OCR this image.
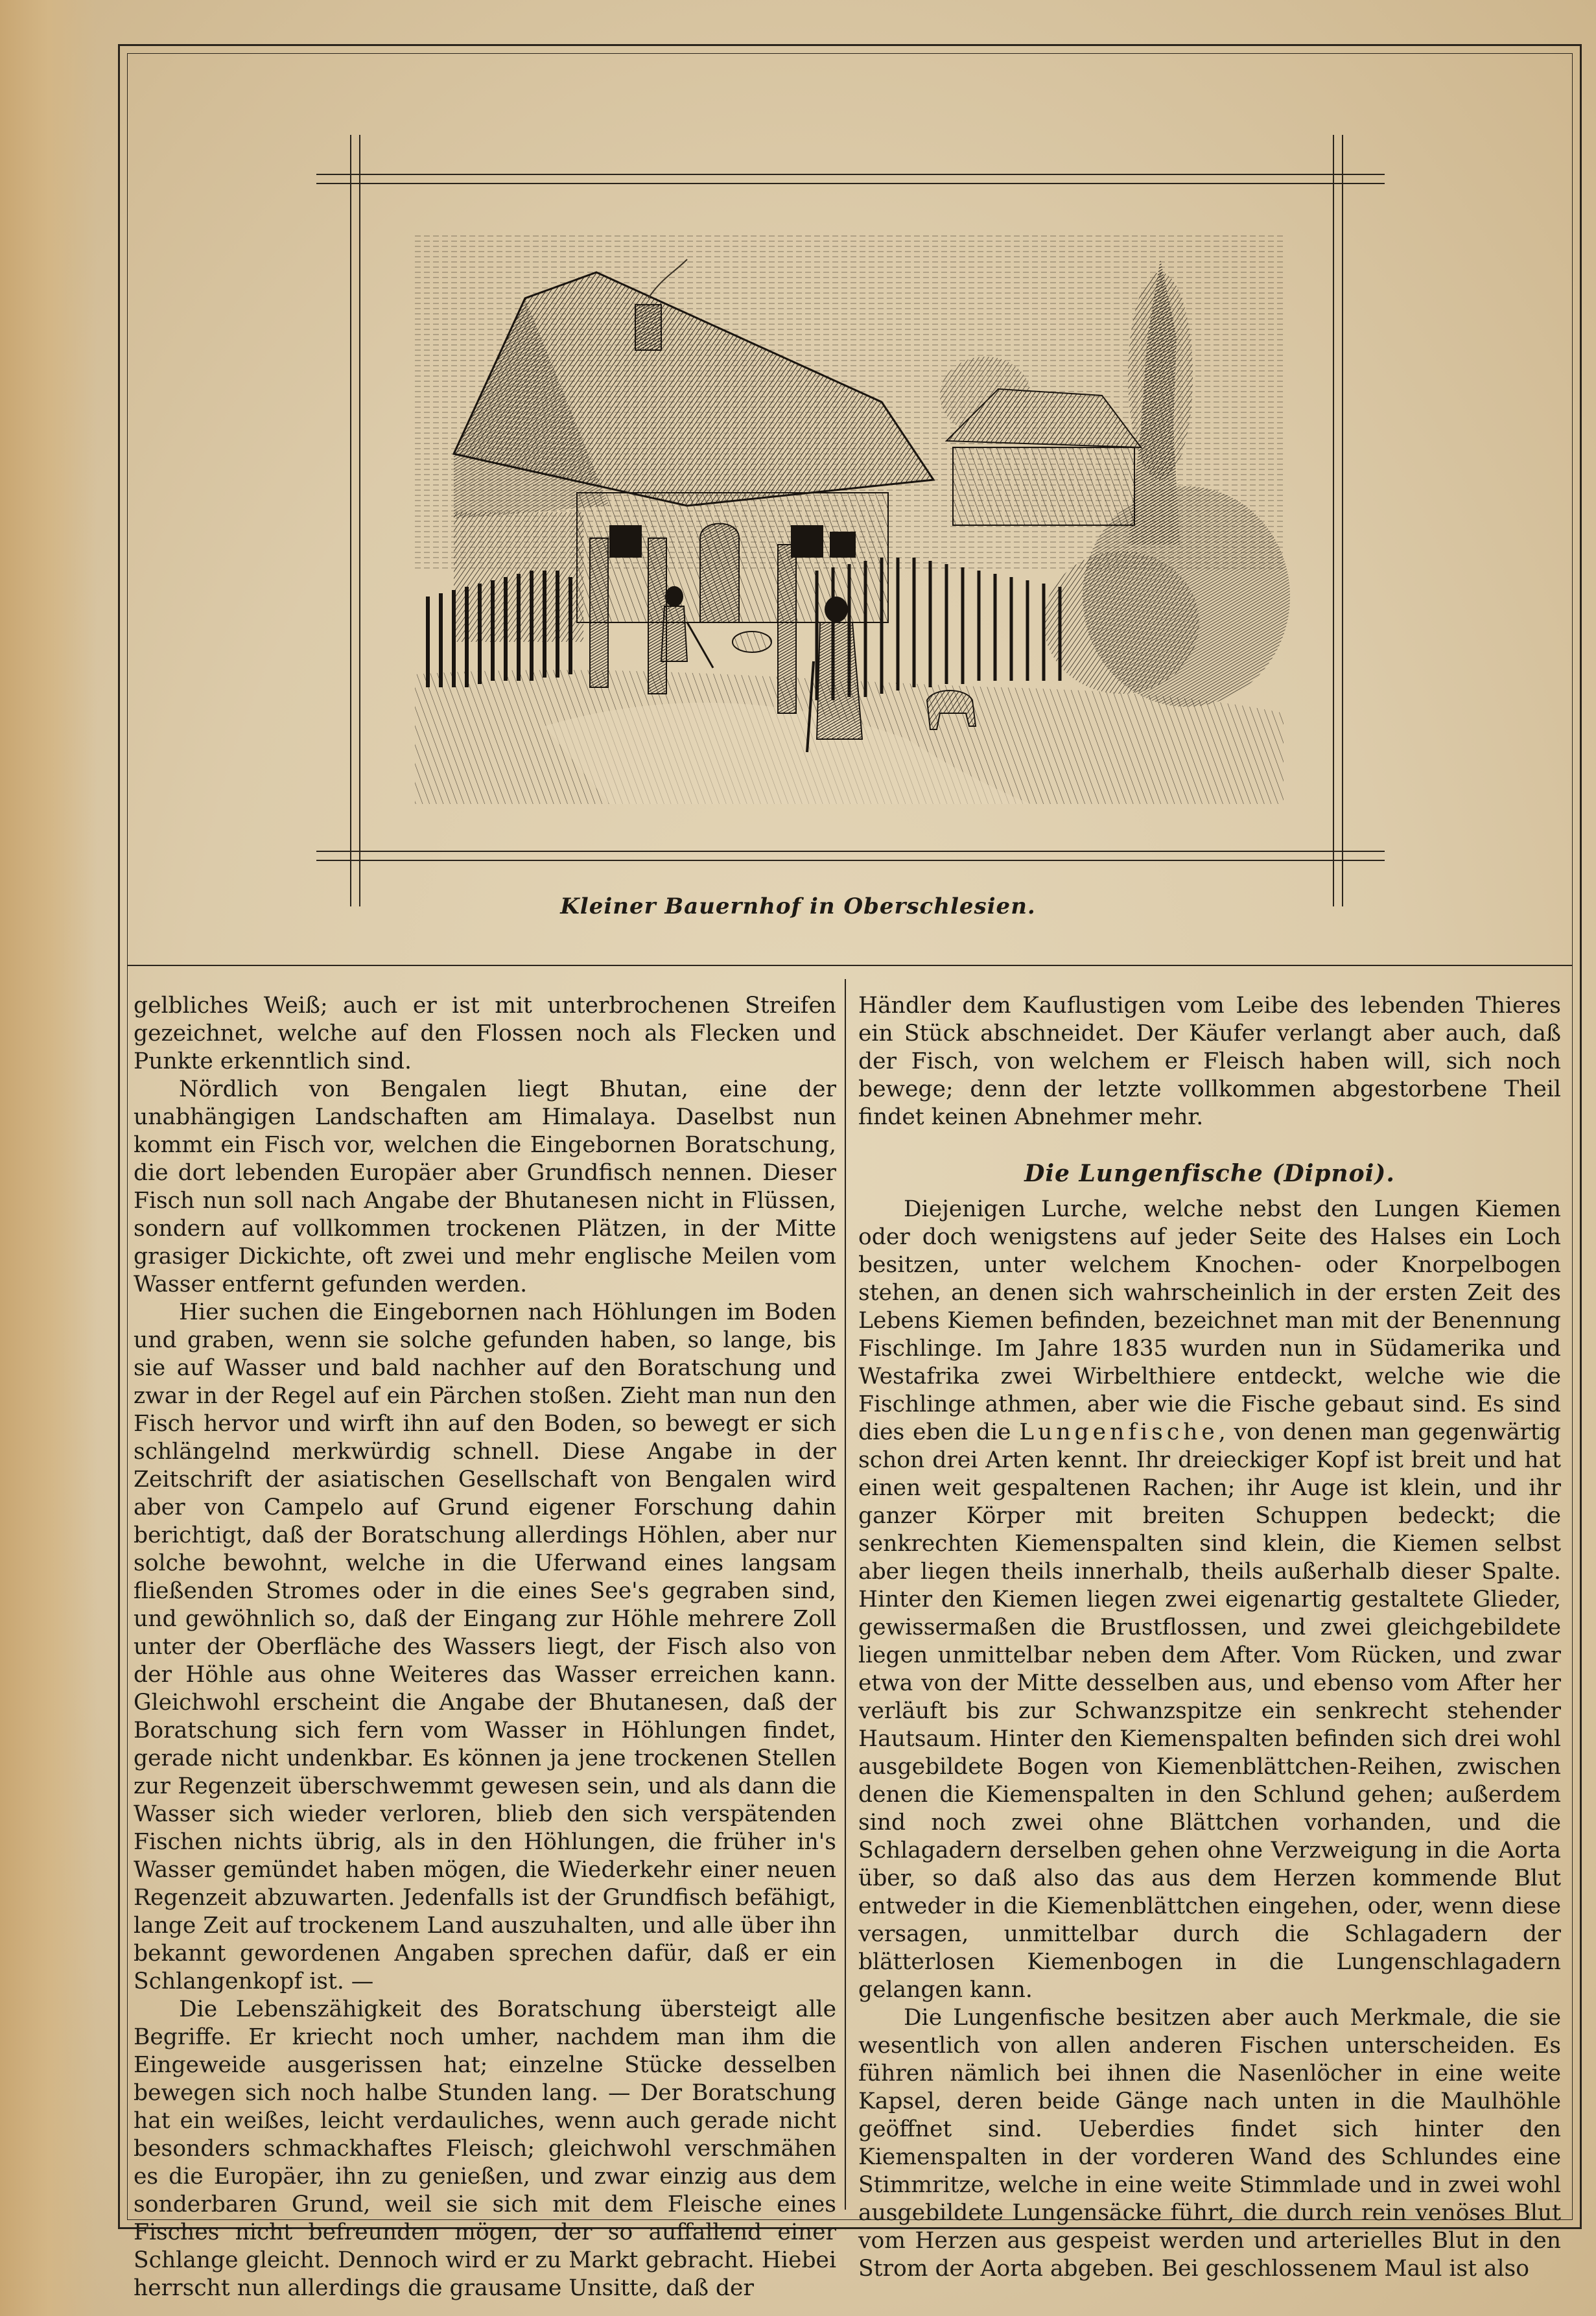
Kleiner Bauernhof in Oberschlesien.

gelbliches Weiß; auch er ist mit unterbrochenen Streifen gezeichnet, welche auf den Flossen noch als Flecken und Punkte erkenntlich sind.

Nördlich von Bengalen liegt Bhutan, eine der unabhängigen Landschaften am Himalaya. Daselbst nun kommt ein Fisch vor, welchen die Eingebornen Boratschung, die dort lebenden Europäer aber Grundfisch nennen. Dieser Fisch nun soll nach Angabe der Bhutanesen nicht in Flüssen, sondern auf vollkommen trockenen Plätzen, in der Mitte grasiger Dickichte, oft zwei und mehr englische Meilen vom Wasser entfernt gefunden werden.

Hier suchen die Eingebornen nach Höhlungen im Boden und graben, wenn sie solche gefunden haben, so lange, bis sie auf Wasser und bald nachher auf den Boratschung und zwar in der Regel auf ein Pärchen stoßen. Zieht man nun den Fisch hervor und wirft ihn auf den Boden, so bewegt er sich schlängelnd merkwürdig schnell. Diese Angabe in der Zeitschrift der asiatischen Gesellschaft von Bengalen wird aber von Campelo auf Grund eigener Forschung dahin berichtigt, daß der Boratschung allerdings Höhlen, aber nur solche bewohnt, welche in die Uferwand eines langsam fließenden Stromes oder in die eines See's gegraben sind, und gewöhnlich so, daß der Eingang zur Höhle mehrere Zoll unter der Oberfläche des Wassers liegt, der Fisch also von der Höhle aus ohne Weiteres das Wasser erreichen kann. Gleichwohl erscheint die Angabe der Bhutanesen, daß der Boratschung sich fern vom Wasser in Höhlungen findet, gerade nicht undenkbar. Es können ja jene trockenen Stellen zur Regenzeit überschwemmt gewesen sein, und als dann die Wasser sich wieder verloren, blieb den sich verspätenden Fischen nichts übrig, als in den Höhlungen, die früher in's Wasser gemündet haben mögen, die Wiederkehr einer neuen Regenzeit abzuwarten. Jedenfalls ist der Grundfisch befähigt, lange Zeit auf trockenem Land auszuhalten, und alle über ihn bekannt gewordenen Angaben sprechen dafür, daß er ein Schlangenkopf ist. —

Die Lebenszähigkeit des Boratschung übersteigt alle Begriffe. Er kriecht noch umher, nachdem man ihm die Eingeweide ausgerissen hat; einzelne Stücke desselben bewegen sich noch halbe Stunden lang. — Der Boratschung hat ein weißes, leicht verdauliches, wenn auch gerade nicht besonders schmackhaftes Fleisch; gleichwohl verschmähen es die Europäer, ihn zu genießen, und zwar einzig aus dem sonderbaren Grund, weil sie sich mit dem Fleische eines Fisches nicht befreunden mögen, der so auffallend einer Schlange gleicht. Dennoch wird er zu Markt gebracht. Hiebei herrscht nun allerdings die grausame Unsitte, daß der

Händler dem Kauflustigen vom Leibe des lebenden Thieres ein Stück abschneidet. Der Käufer verlangt aber auch, daß der Fisch, von welchem er Fleisch haben will, sich noch bewege; denn der letzte vollkommen abgestorbene Theil findet keinen Abnehmer mehr.

Die Lungenfische (Dipnoi).

Diejenigen Lurche, welche nebst den Lungen Kiemen oder doch wenigstens auf jeder Seite des Halses ein Loch besitzen, unter welchem Knochen- oder Knorpelbogen stehen, an denen sich wahrscheinlich in der ersten Zeit des Lebens Kiemen befinden, bezeichnet man mit der Benennung Fischlinge. Im Jahre 1835 wurden nun in Südamerika und Westafrika zwei Wirbelthiere entdeckt, welche wie die Fischlinge athmen, aber wie die Fische gebaut sind. Es sind dies eben die Lungenfische, von denen man gegenwärtig schon drei Arten kennt. Ihr dreieckiger Kopf ist breit und hat einen weit gespaltenen Rachen; ihr Auge ist klein, und ihr ganzer Körper mit breiten Schuppen bedeckt; die senkrechten Kiemenspalten sind klein, die Kiemen selbst aber liegen theils innerhalb, theils außerhalb dieser Spalte. Hinter den Kiemen liegen zwei eigenartig gestaltete Glieder, gewissermaßen die Brustflossen, und zwei gleichgebildete liegen unmittelbar neben dem After. Vom Rücken, und zwar etwa von der Mitte desselben aus, und ebenso vom After her verläuft bis zur Schwanzspitze ein senkrecht stehender Hautsaum. Hinter den Kiemenspalten befinden sich drei wohl ausgebildete Bogen von Kiemenblättchen-Reihen, zwischen denen die Kiemenspalten in den Schlund gehen; außerdem sind noch zwei ohne Blättchen vorhanden, und die Schlagadern derselben gehen ohne Verzweigung in die Aorta über, so daß also das aus dem Herzen kommende Blut entweder in die Kiemenblättchen eingehen, oder, wenn diese versagen, unmittelbar durch die Schlagadern der blätterlosen Kiemenbogen in die Lungenschlagadern gelangen kann.

Die Lungenfische besitzen aber auch Merkmale, die sie wesentlich von allen anderen Fischen unterscheiden. Es führen nämlich bei ihnen die Nasenlöcher in eine weite Kapsel, deren beide Gänge nach unten in die Maulhöhle geöffnet sind. Ueberdies findet sich hinter den Kiemenspalten in der vorderen Wand des Schlundes eine Stimmritze, welche in eine weite Stimmlade und in zwei wohl ausgebildete Lungensäcke führt, die durch rein venöses Blut vom Herzen aus gespeist werden und arterielles Blut in den Strom der Aorta abgeben. Bei geschlossenem Maul ist also
